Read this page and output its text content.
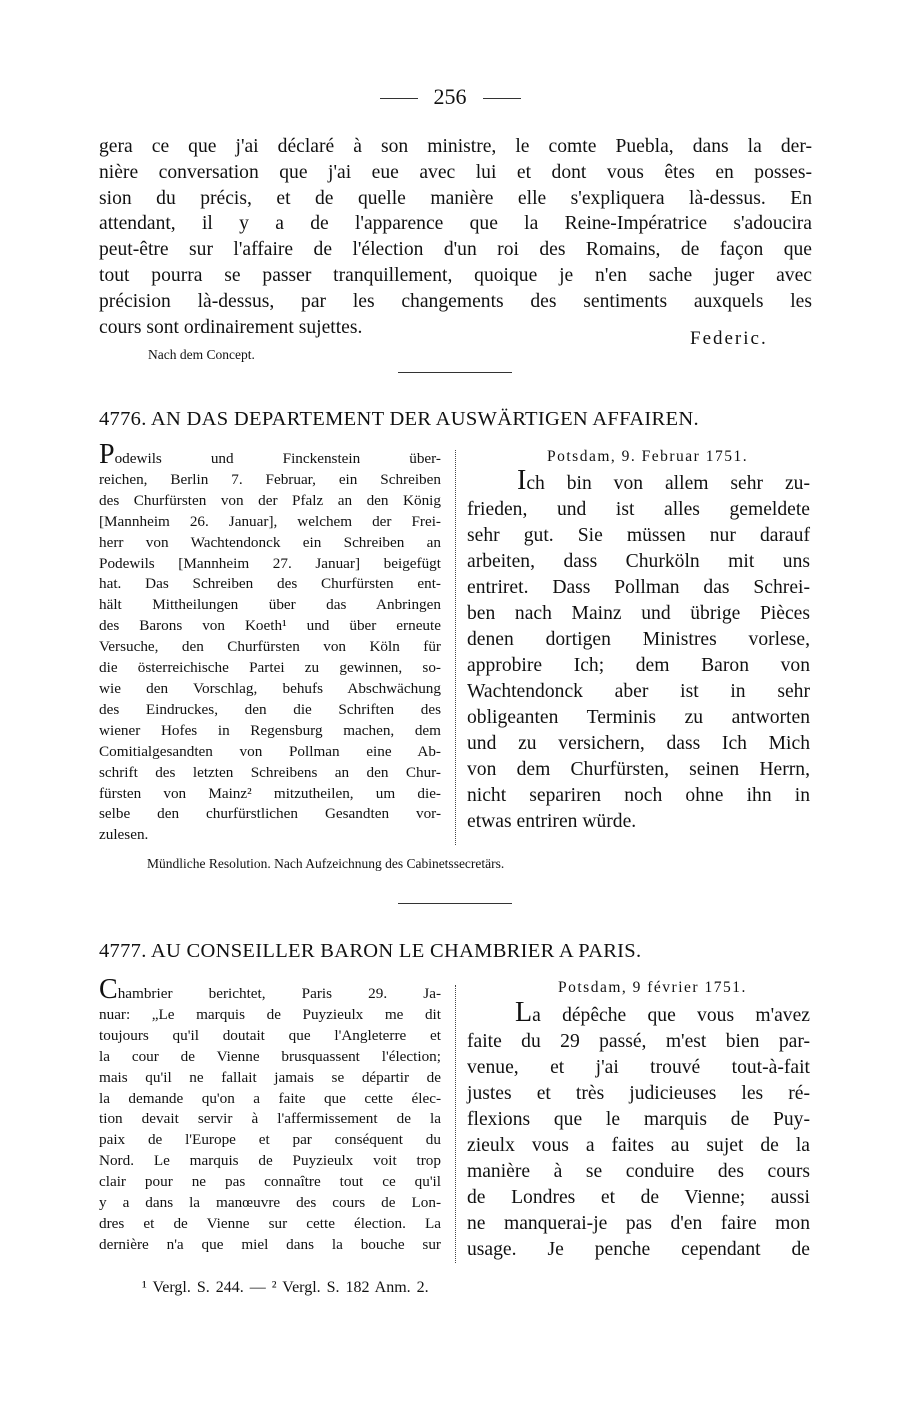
256
gera ce que j'ai déclaré à son ministre, le comte Puebla, dans la der-
nière conversation que j'ai eue avec lui et dont vous êtes en posses-
sion du précis, et de quelle manière elle s'expliquera là-dessus. En
attendant, il y a de l'apparence que la Reine-Impératrice s'adoucira
peut-être sur l'affaire de l'élection d'un roi des Romains, de façon que
tout pourra se passer tranquillement, quoique je n'en sache juger avec
précision là-dessus, par les changements des sentiments auxquels les
cours sont ordinairement sujettes.
Federic.
Nach dem Concept.
4776. AN DAS DEPARTEMENT DER AUSWÄRTIGEN AFFAIREN.
Podewils und Finckenstein über-
reichen, Berlin 7. Februar, ein Schreiben
des Churfürsten von der Pfalz an den König
[Mannheim 26. Januar], welchem der Frei-
herr von Wachtendonck ein Schreiben an
Podewils [Mannheim 27. Januar] beigefügt
hat. Das Schreiben des Churfürsten ent-
hält Mittheilungen über das Anbringen
des Barons von Koeth¹ und über erneute
Versuche, den Churfürsten von Köln für
die österreichische Partei zu gewinnen, so-
wie den Vorschlag, behufs Abschwächung
des Eindruckes, den die Schriften des
wiener Hofes in Regensburg machen, dem
Comitialgesandten von Pollman eine Ab-
schrift des letzten Schreibens an den Chur-
fürsten von Mainz² mitzutheilen, um die-
selbe den churfürstlichen Gesandten vor-
zulesen.
Potsdam, 9. Februar 1751.
Ich bin von allem sehr zu-
frieden, und ist alles gemeldete
sehr gut. Sie müssen nur darauf
arbeiten, dass Churköln mit uns
entriret. Dass Pollman das Schrei-
ben nach Mainz und übrige Pièces
denen dortigen Ministres vorlese,
approbire Ich; dem Baron von
Wachtendonck aber ist in sehr
obligeanten Terminis zu antworten
und zu versichern, dass Ich Mich
von dem Churfürsten, seinen Herrn,
nicht separiren noch ohne ihn in
etwas entriren würde.
Mündliche Resolution. Nach Aufzeichnung des Cabinetssecretärs.
4777. AU CONSEILLER BARON LE CHAMBRIER A PARIS.
Chambrier berichtet, Paris 29. Ja-
nuar: „Le marquis de Puyzieulx me dit
toujours qu'il doutait que l'Angleterre et
la cour de Vienne brusquassent l'élection;
mais qu'il ne fallait jamais se départir de
la demande qu'on a faite que cette élec-
tion devait servir à l'affermissement de la
paix de l'Europe et par conséquent du
Nord. Le marquis de Puyzieulx voit trop
clair pour ne pas connaître tout ce qu'il
y a dans la manœuvre des cours de Lon-
dres et de Vienne sur cette élection. La
dernière n'a que miel dans la bouche sur
Potsdam, 9 février 1751.
La dépêche que vous m'avez
faite du 29 passé, m'est bien par-
venue, et j'ai trouvé tout-à-fait
justes et très judicieuses les ré-
flexions que le marquis de Puy-
zieulx vous a faites au sujet de la
manière à se conduire des cours
de Londres et de Vienne; aussi
ne manquerai-je pas d'en faire mon
usage. Je penche cependant de
¹ Vergl. S. 244. — ² Vergl. S. 182 Anm. 2.
